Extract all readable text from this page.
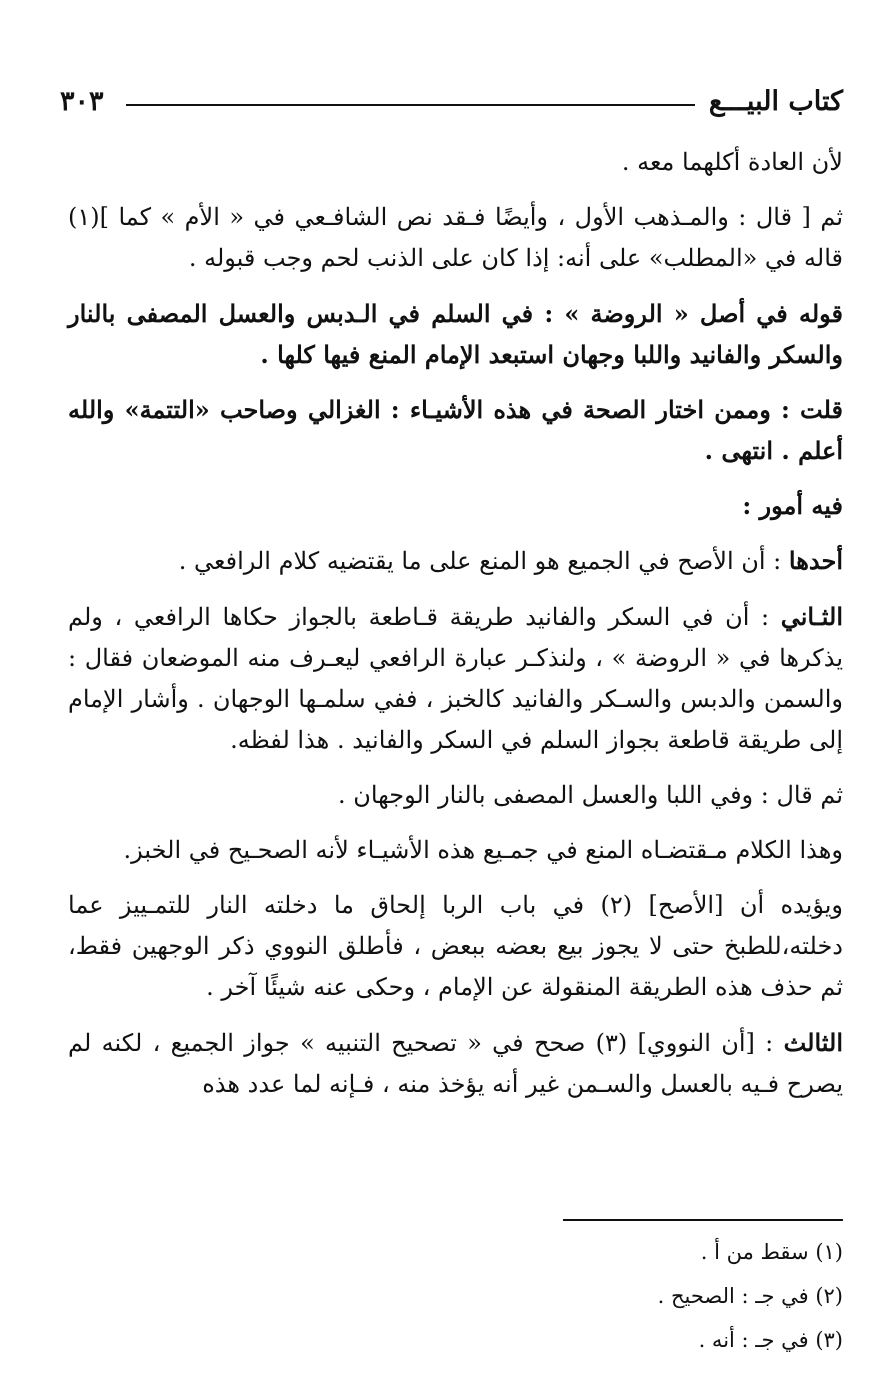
كتاب البيـــع
٣٠٣

لأن العادة أكلهما معه .

ثم [ قال : والمـذهب الأول ، وأيضًا فـقد نص الشافـعي في « الأم » كما ](١) قاله في «المطلب» على أنه: إذا كان على الذنب لحم وجب قبوله .

قوله في أصل « الروضة » : في السلم في الـدبس والعسل المصفى بالنار والسكر والفانيد واللبا وجهان استبعد الإمام المنع فيها كلها .

قلت : وممن اختار الصحة في هذه الأشيـاء : الغزالي وصاحب «التتمة» والله أعلم . انتهى .

فيه أمور :

أحدها : أن الأصح في الجميع هو المنع على ما يقتضيه كلام الرافعي .

الثـاني : أن في السكر والفانيد طريقة قـاطعة بالجواز حكاها الرافعي ، ولم يذكرها في « الروضة » ، ولنذكـر عبارة الرافعي ليعـرف منه الموضعان فقال : والسمن والدبس والسـكر والفانيد كالخبز ، ففي سلمـها الوجهان . وأشار الإمام إلى طريقة قاطعة بجواز السلم في السكر والفانيد . هذا لفظه.

ثم قال : وفي اللبا والعسل المصفى بالنار الوجهان .

وهذا الكلام مـقتضـاه المنع في جمـيع هذه الأشيـاء لأنه الصحـيح في الخبز.

ويؤيده أن [الأصح] (٢) في باب الربا إلحاق ما دخلته النار للتمـييز عما دخلته،للطبخ حتى لا يجوز بيع بعضه ببعض ، فأطلق النووي ذكر الوجهين فقط، ثم حذف هذه الطريقة المنقولة عن الإمام ، وحكى عنه شيئًا آخر .

الثالث : [أن النووي] (٣) صحح في « تصحيح التنبيه » جواز الجميع ، لكنه لم يصرح فـيه بالعسل والسـمن غير أنه يؤخذ منه ، فـإنه لما عدد هذه

(١) سقط من أ .

(٢) في جـ : الصحيح .

(٣) في جـ : أنه .
